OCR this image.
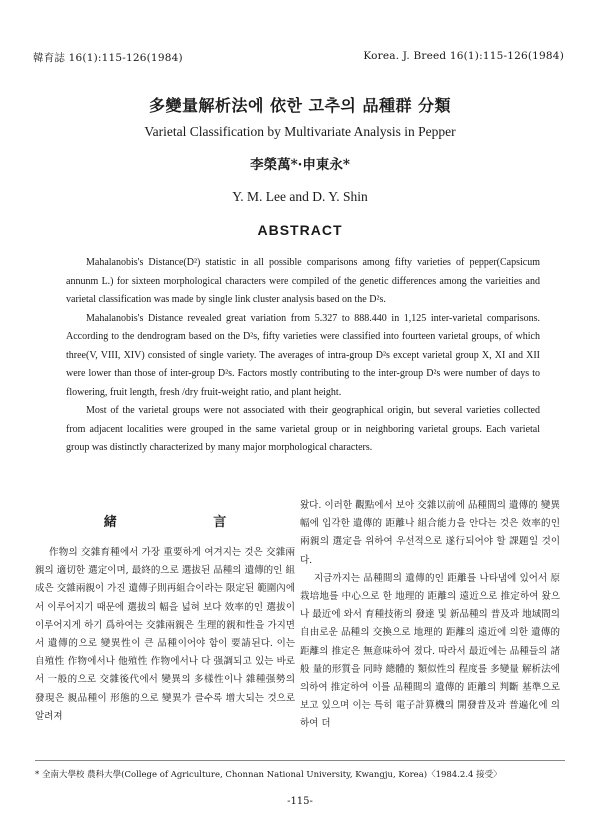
韓育誌 16(1):115-126(1984)	Korea. J. Breed 16(1):115-126(1984)
多變量解析法에 依한 고추의 品種群 分類
Varietal Classification by Multivariate Analysis in Pepper
李榮萬*·申東永*
Y. M. Lee and D. Y. Shin
ABSTRACT

Mahalanobis's Distance(D²) statistic in all possible comparisons among fifty varieties of pepper(Capsicum annunm L.) for sixteen morphological characters were compiled of the genetic differences among the varieities and varietal classification was made by single link cluster analysis based on the D²s.

Mahalanobis's Distance revealed great variation from 5.327 to 888.440 in 1,125 inter-varietal comparisons. According to the dendrogram based on the D²s, fifty varieties were classified into fourteen varietal groups, of which three(V, VIII, XIV) consisted of single variety. The averages of intra-group D²s except varietal group X, XI and XII were lower than those of inter-group D²s. Factors mostly contributing to the inter-group D²s were number of days to flowering, fruit length, fresh /dry fruit-weight ratio, and plant height.

Most of the varietal groups were not associated with their geographical origin, but several varieties collected from adjacent localities were grouped in the same varietal group or in neighboring varietal groups. Each varietal group was distinctly characterized by many major morphological characters.

緒 言

作物의 交雜育種에서 가장 重要하게 여겨지는 것은 交雜兩親의 適切한 選定이며, 最終的으로 選拔된 品種의 遺傳的인 組成은 交雜兩親이 가진 遺傳子則再組合이라는 限定된 範圍內에서 이루어지기 때문에 選拔의 幅을 넓혀 보다 效率的인 選拔이 이루어지게 하기 爲하여는 交雜兩親은 生理的親和性을 가지면서 遺傳的으로 變異性이 큰 品種이어야 함이 要請된다. 이는 自殖性 作物에서나 他殖性 作物에서나 다 强調되고 있는 바로서 一般的으로 交雜後代에서 變異의 多樣性이나 雜種强勢의 發現은 親品種이 形態的으로 變異가 클수록 增大되는 것으로 알려져

왔다. 이러한 觀點에서 보아 交雜以前에 品種間의 遺傳的 變異幅에 입각한 遺傳的 距離나 組合能力을 안다는 것은 效率的인 兩親의 選定을 위하여 우선적으로 遂行되어야 할 課題일 것이다.

지금까지는 品種間의 遺傳的인 距離를 나타냄에 있어서 原栽培地를 中心으로 한 地理的 距離의 遠近으로 推定하여 왔으나 最近에 와서 育種技術의 發達 및 新品種의 普及과 地域間의 自由로운 品種의 交換으로 地理的 距離의 遠近에 의한 遺傳的 距離의 推定은 無意味하여 졌다. 따라서 最近에는 品種들의 諸般 量的形質을 同時 總體的 類似性의 程度를 多變量 解析法에 의하여 推定하여 이를 品種間의 遺傳的 距離의 判斷 基準으로 보고 있으며 이는 특히 電子計算機의 開發普及과 普遍化에 의하여 더

* 全南大學校 農科大學(College of Agriculture, Chonnan National University, Kwangju, Korea)〈1984.2.4 接受〉
-115-
